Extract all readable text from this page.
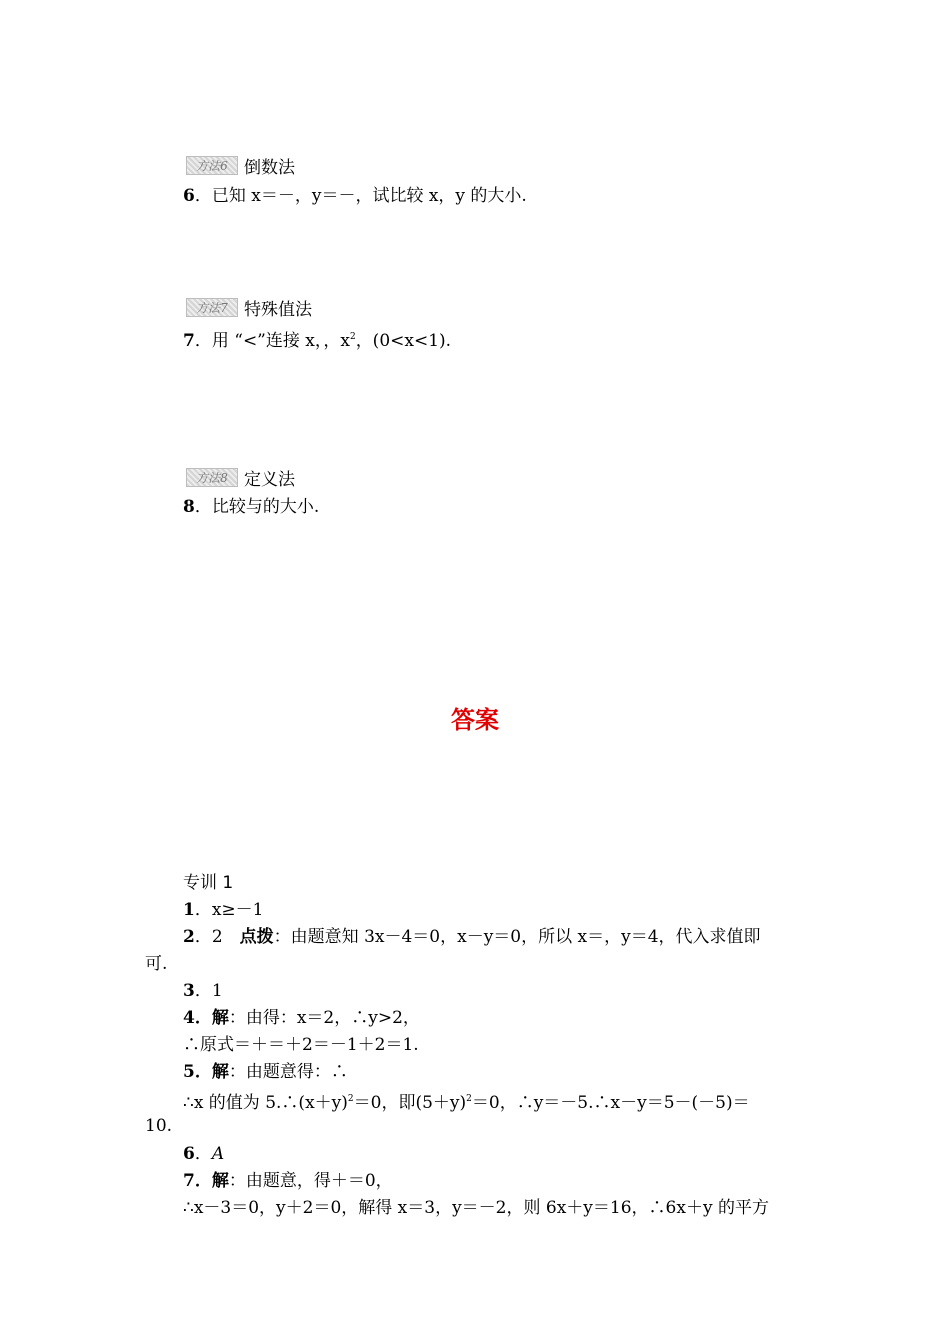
方法6 倒数法
6．已知 x＝－，y＝－，试比较 x，y 的大小.
方法7 特殊值法
7．用 “<”连接 x，，$x^2$，(0<x<1).
方法8 定义法
8．比较与的大小.
答案
专训 1
1．x≥－1
2．2　点拨：由题意知 3x－4＝0，x－y＝0，所以 x＝，y＝4，代入求值即
可.
3．1
4．解：由得：x＝2，∴y>2，
∴原式＝＋＝＋2＝－1＋2＝1.
5．解：由题意得：∴
∴x 的值为 $5.\therefore(x+y)^2=0$，即$(5+y)^2=0$，∴y＝－5.∴x－y＝5－(－5)＝
10.
6．A
7．解：由题意，得＋＝0，
∴x－3＝0，y＋2＝0，解得 x＝3，y＝－2，则 6x＋y＝16，∴6x＋y 的平方
